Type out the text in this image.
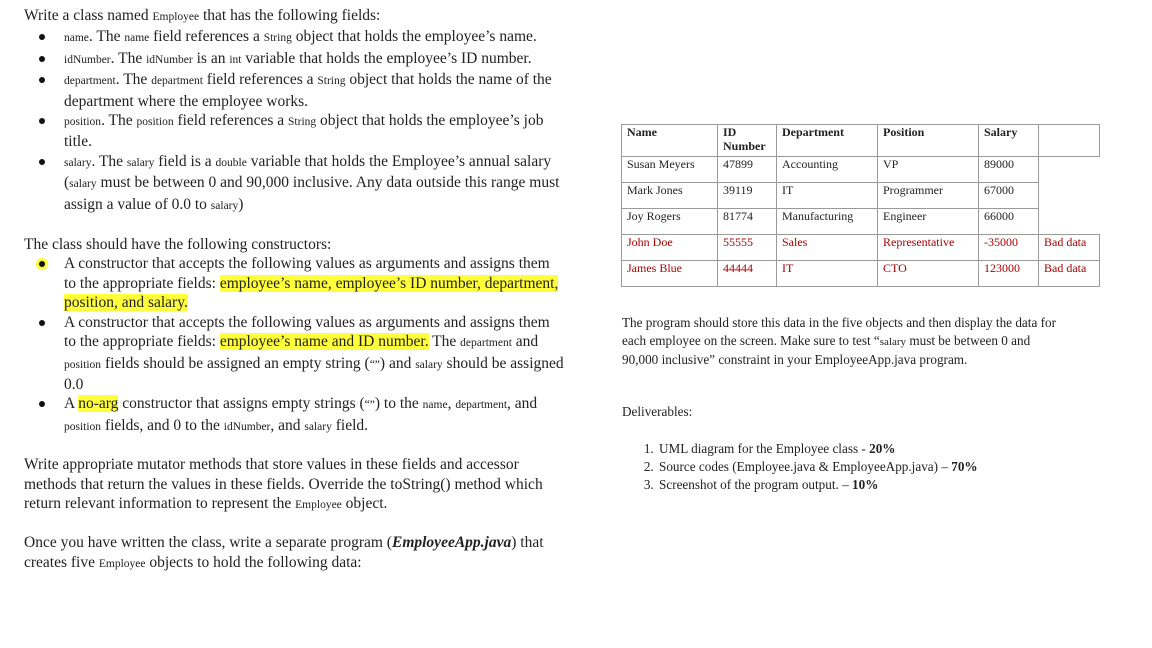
Write a class named Employee that has the following fields:

name. The name field references a String object that holds the employee’s name.
idNumber. The idNumber is an int variable that holds the employee’s ID number.
department. The department field references a String object that holds the name of the department where the employee works.
position. The position field references a String object that holds the employee’s job title.
salary. The salary field is a double variable that holds the Employee’s annual salary (salary must be between 0 and 90,000 inclusive. Any data outside this range must assign a value of 0.0 to salary)

The class should have the following constructors:

A constructor that accepts the following values as arguments and assigns them to the appropriate fields: employee’s name, employee’s ID number, department, position, and salary.
A constructor that accepts the following values as arguments and assigns them to the appropriate fields: employee’s name and ID number. The department and position fields should be assigned an empty string (“”) and salary should be assigned 0.0
A no-arg constructor that assigns empty strings (“”) to the name, department, and position fields, and 0 to the idNumber, and salary field.

Write appropriate mutator methods that store values in these fields and accessor methods that return the values in these fields. Override the toString() method which return relevant information to represent the Employee object.

Once you have written the class, write a separate program (EmployeeApp.java) that creates five Employee objects to hold the following data:

Name	ID Number	Department	Position	Salary	
Susan Meyers	47899	Accounting	VP	89000	
Mark Jones	39119	IT	Programmer	67000	
Joy Rogers	81774	Manufacturing	Engineer	66000	
John Doe	55555	Sales	Representative	-35000	Bad data
James Blue	44444	IT	CTO	123000	Bad data

The program should store this data in the five objects and then display the data for each employee on the screen. Make sure to test “salary must be between 0 and 90,000 inclusive” constraint in your EmployeeApp.java program.

Deliverables:

1. UML diagram for the Employee class - 20%
2. Source codes (Employee.java & EmployeeApp.java) – 70%
3. Screenshot of the program output. – 10%
